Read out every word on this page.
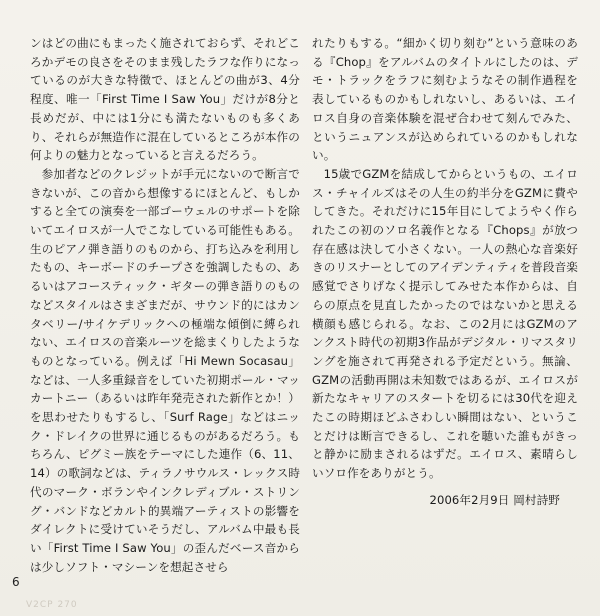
ンはどの曲にもまったく施されておらず、それどころかデモの良さをそのまま残したラフな作りになっているのが大きな特徴で、ほとんどの曲が3、4分程度、唯一「First Time I Saw You」だけが8分と長めだが、中には1分にも満たないものも多くあり、それらが無造作に混在しているところが本作の何よりの魅力となっていると言えるだろう。

参加者などのクレジットが手元にないので断言できないが、この音から想像するにほとんど、もしかすると全ての演奏を一部ゴーウェルのサポートを除いてエイロスが一人でこなしている可能性もある。生のピアノ弾き語りのものから、打ち込みを利用したもの、キーボードのチープさを強調したもの、あるいはアコースティック・ギターの弾き語りのものなどスタイルはさまざまだが、サウンド的にはカンタベリー/サイケデリックへの極端な傾倒に縛られない、エイロスの音楽ルーツを総まくりしたようなものとなっている。例えば「Hi Mewn Socasau」などは、一人多重録音をしていた初期ポール・マッカートニー（あるいは昨年発売された新作とか！）を思わせたりもするし、「Surf Rage」などはニック・ドレイクの世界に通じるものがあるだろう。もちろん、ピグミー族をテーマにした連作（6、11、14）の歌詞などは、ティラノサウルス・レックス時代のマーク・ボランやインクレディブル・ストリング・バンドなどカルト的異端アーティストの影響をダイレクトに受けていそうだし、アルバム中最も長い「First Time I Saw You」の歪んだベース音からは少しソフト・マシーンを想起させら

れたりもする。“細かく切り刻む”という意味のある『Chop』をアルバムのタイトルにしたのは、デモ・トラックをラフに刻むようなその制作過程を表しているものかもしれないし、あるいは、エイロス自身の音楽体験を混ぜ合わせて刻んでみた、というニュアンスが込められているのかもしれない。

15歳でGZMを結成してからというもの、エイロス・チャイルズはその人生の約半分をGZMに費やしてきた。それだけに15年目にしてようやく作られたこの初のソロ名義作となる『Chops』が放つ存在感は決して小さくない。一人の熱心な音楽好きのリスナーとしてのアイデンティティを普段音楽感覚でさりげなく提示してみせた本作からは、自らの原点を見直したかったのではないかと思える横顔も感じられる。なお、この2月にはGZMのアンクスト時代の初期3作品がデジタル・リマスタリングを施されて再発される予定だという。無論、GZMの活動再開は未知数ではあるが、エイロスが新たなキャリアのスタートを切るには30代を迎えたこの時期ほどふさわしい瞬間はない、ということだけは断言できるし、これを聴いた誰もがきっと静かに励まされるはずだ。エイロス、素晴らしいソロ作をありがとう。

2006年2月9日 岡村詩野
6
V2CP 270
